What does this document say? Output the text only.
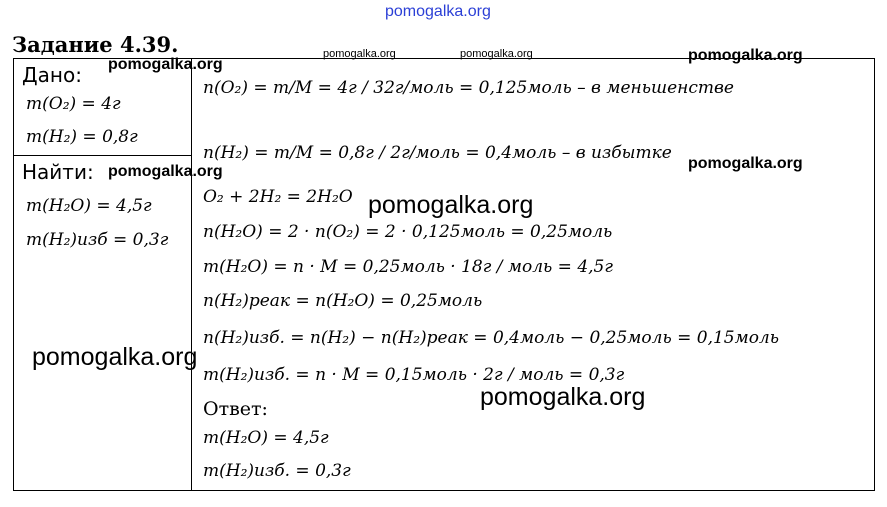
pomogalka.org
Задание 4.39.
Дано:
m(O₂) = 4г
m(H₂) = 0,8г
Найти:
m(H₂O) = 4,5г
m(H₂)изб = 0,3г
n(O₂) = m/M = 4г / 32г/моль = 0,125моль – в меньшенстве
n(H₂) = m/M = 0,8г / 2г/моль = 0,4моль – в избытке
O₂ + 2H₂ = 2H₂O
n(H₂O) = 2 · n(O₂) = 2 · 0,125моль = 0,25моль
m(H₂O) = n · M = 0,25моль · 18г / моль = 4,5г
n(H₂)реак = n(H₂O) = 0,25моль
n(H₂)изб. = n(H₂) − n(H₂)реак = 0,4моль − 0,25моль = 0,15моль
m(H₂)изб. = n · M = 0,15моль · 2г / моль = 0,3г
Ответ:
m(H₂O) = 4,5г
m(H₂)изб. = 0,3г
pomogalka.org	pomogalka.org	pomogalka.org
pomogalka.org
pomogalka.org
pomogalka.org
pomogalka.org
pomogalka.org
pomogalka.org
